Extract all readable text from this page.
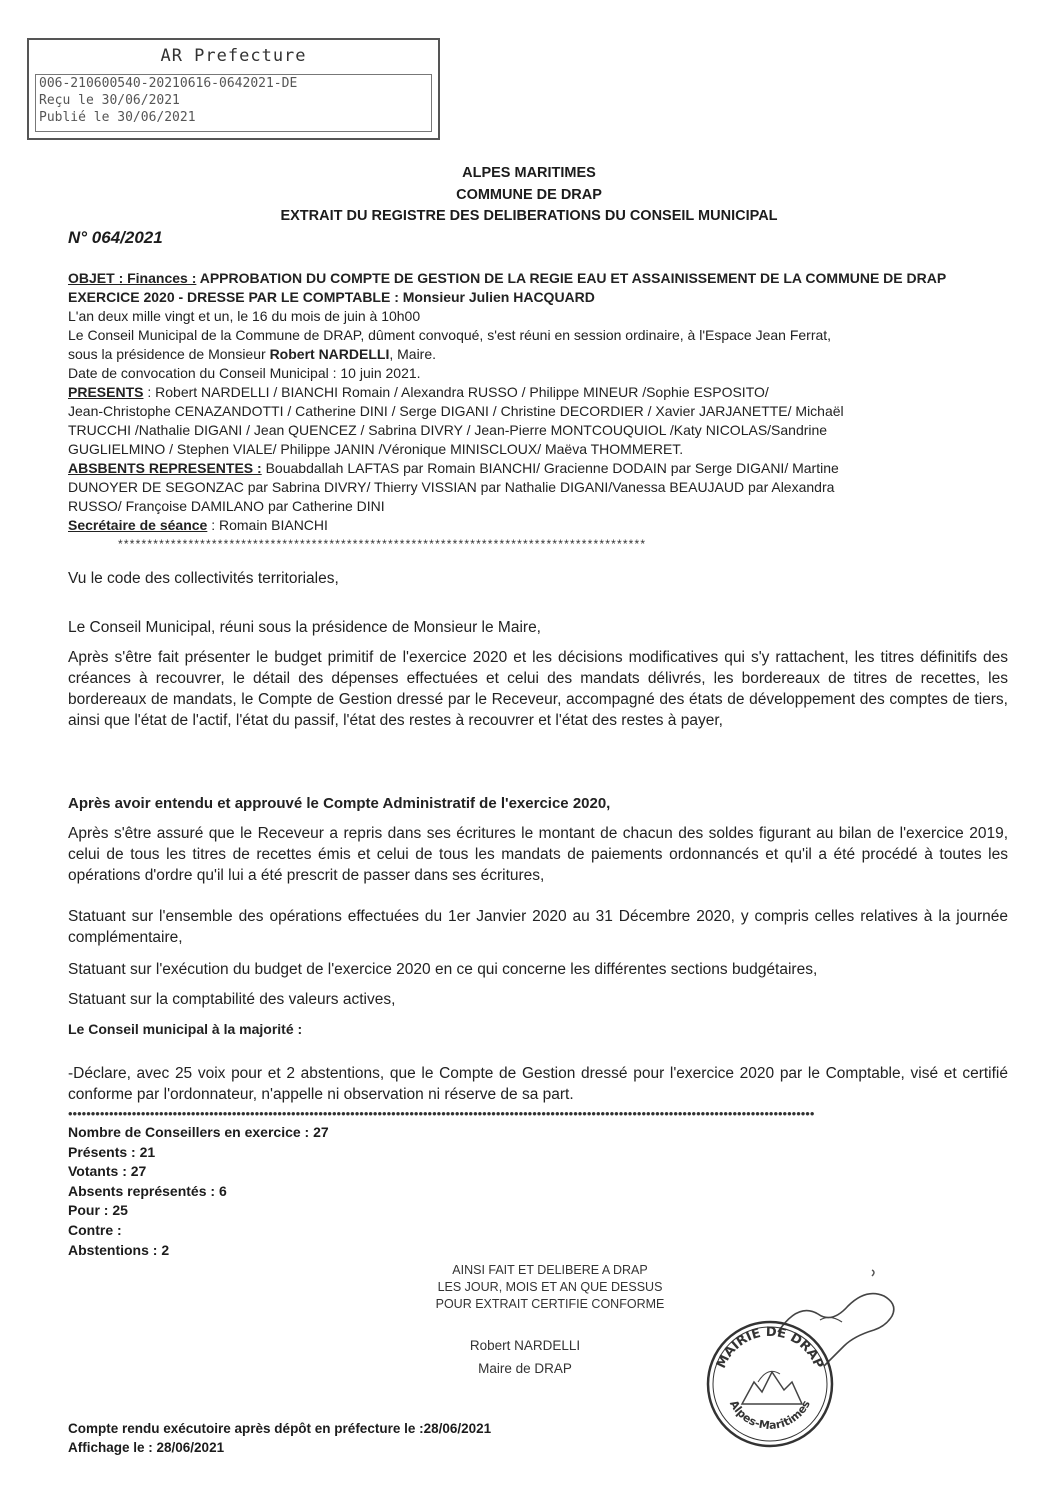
AR Prefecture
006-210600540-20210616-0642021-DE
Reçu le 30/06/2021
Publié le 30/06/2021
ALPES MARITIMES
COMMUNE DE DRAP
EXTRAIT DU REGISTRE DES DELIBERATIONS DU CONSEIL MUNICIPAL
N° 064/2021
OBJET : Finances : APPROBATION DU COMPTE DE GESTION DE LA REGIE EAU ET ASSAINISSEMENT DE LA COMMUNE DE DRAP
EXERCICE 2020 - DRESSE PAR LE COMPTABLE : Monsieur Julien HACQUARD
L'an deux mille vingt et un, le 16 du mois de juin à 10h00
Le Conseil Municipal de la Commune de DRAP, dûment convoqué, s'est réuni en session ordinaire, à l'Espace Jean Ferrat,
sous la présidence de Monsieur Robert NARDELLI, Maire.
Date de convocation du Conseil Municipal : 10 juin 2021.
PRESENTS : Robert NARDELLI / BIANCHI Romain / Alexandra RUSSO / Philippe MINEUR /Sophie ESPOSITO/
Jean-Christophe CENAZANDOTTI / Catherine DINI / Serge DIGANI / Christine DECORDIER / Xavier JARJANETTE/ Michaël
TRUCCHI /Nathalie DIGANI / Jean QUENCEZ / Sabrina DIVRY / Jean-Pierre MONTCOUQUIOL /Katy NICOLAS/Sandrine
GUGLIELMINO / Stephen VIALE/ Philippe JANIN /Véronique MINISCLOUX/ Maëva THOMMERET.
ABSBENTS REPRESENTES : Bouabdallah LAFTAS par Romain BIANCHI/ Gracienne DODAIN par Serge DIGANI/ Martine
DUNOYER DE SEGONZAC par Sabrina DIVRY/ Thierry VISSIAN par Nathalie DIGANI/Vanessa BEAUJAUD par Alexandra
RUSSO/ Françoise DAMILANO par Catherine DINI
Secrétaire de séance : Romain BIANCHI
******************************************************************************************
Vu le code des collectivités territoriales,
Le Conseil Municipal, réuni sous la présidence de Monsieur le Maire,
Après s'être fait présenter le budget primitif de l'exercice 2020 et les décisions modificatives qui s'y rattachent, les titres définitifs des créances à recouvrer, le détail des dépenses effectuées et celui des mandats délivrés, les bordereaux de titres de recettes, les bordereaux de mandats, le Compte de Gestion dressé par le Receveur, accompagné des états de développement des comptes de tiers, ainsi que l'état de l'actif, l'état du passif, l'état des restes à recouvrer et l'état des restes à payer,
Après avoir entendu et approuvé le Compte Administratif de l'exercice 2020,
Après s'être assuré que le Receveur a repris dans ses écritures le montant de chacun des soldes figurant au bilan de l'exercice 2019, celui de tous les titres de recettes émis et celui de tous les mandats de paiements ordonnancés et qu'il a été procédé à toutes les opérations d'ordre qu'il lui a été prescrit de passer dans ses écritures,
Statuant sur l'ensemble des opérations effectuées du 1er Janvier 2020 au 31 Décembre 2020, y compris celles relatives à la journée complémentaire,
Statuant sur l'exécution du budget de l'exercice 2020 en ce qui concerne les différentes sections budgétaires,
Statuant sur la comptabilité des valeurs actives,
Le Conseil municipal à la majorité :
-Déclare, avec 25 voix pour et 2 abstentions, que le Compte de Gestion dressé pour l'exercice 2020 par le Comptable, visé et certifié conforme par l'ordonnateur, n'appelle ni observation ni réserve de sa part.
••••••••••••••••••••••••••••••••••••••••••••••••••••••••••••••••••••••••••••••••••••••••••••••••••••••••••••••••••••••••••••••••••••••••••••••••••••••••••••••••••••
Nombre de Conseillers en exercice : 27
Présents : 21
Votants : 27
Absents représentés : 6
Pour : 25
Contre :
Abstentions : 2
AINSI FAIT ET DELIBERE A DRAP
LES JOUR, MOIS ET AN QUE DESSUS
POUR EXTRAIT CERTIFIE CONFORME
Robert NARDELLI
Maire de DRAP	MAIRIE DE DRAP
Alpes-Maritimes
Compte rendu exécutoire après dépôt en préfecture le :28/06/2021
Affichage le : 28/06/2021
